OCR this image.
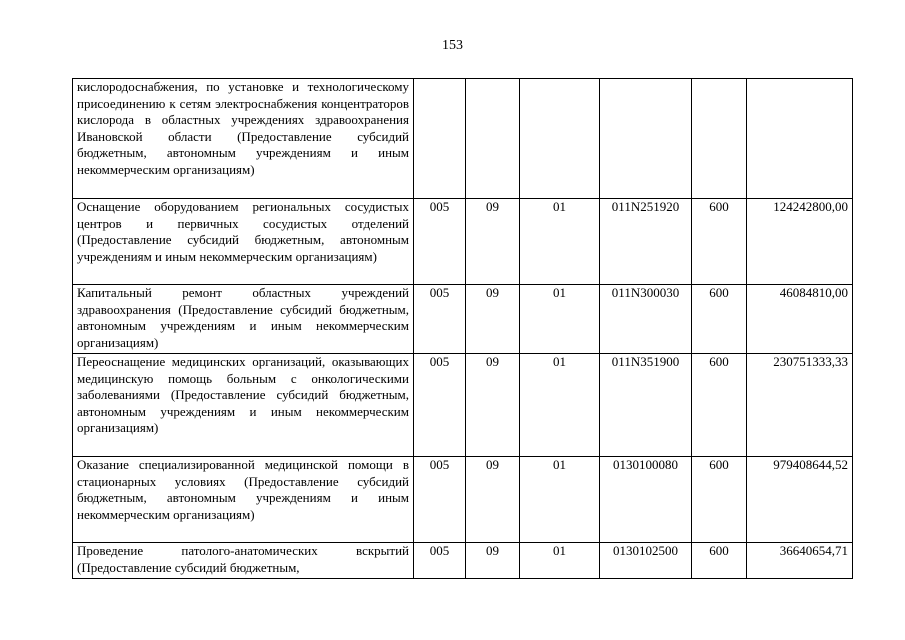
153
кислородоснабжения, по установке и технологическому присоединению к сетям электроснабжения концентраторов кислорода в областных учреждениях здравоохранения Ивановской области (Предоставление субсидий бюджетным, автономным учреждениям и иным некоммерческим организациям)						
Оснащение оборудованием региональных сосудистых центров и первичных сосудистых отделений (Предоставление субсидий бюджетным, автономным учреждениям и иным некоммерческим организациям)	005	09	01	011N251920	600	124242800,00
Капитальный ремонт областных учреждений здравоохранения (Предоставление субсидий бюджетным, автономным учреждениям и иным некоммерческим организациям)	005	09	01	011N300030	600	46084810,00
Переоснащение медицинских организаций, оказывающих медицинскую помощь больным с онкологическими заболеваниями (Предоставление субсидий бюджетным, автономным учреждениям и иным некоммерческим организациям)	005	09	01	011N351900	600	230751333,33
Оказание специализированной медицинской помощи в стационарных условиях (Предоставление субсидий бюджетным, автономным учреждениям и иным некоммерческим организациям)	005	09	01	0130100080	600	979408644,52
Проведение патолого-анатомических вскрытий (Предоставление субсидий бюджетным,	005	09	01	0130102500	600	36640654,71
